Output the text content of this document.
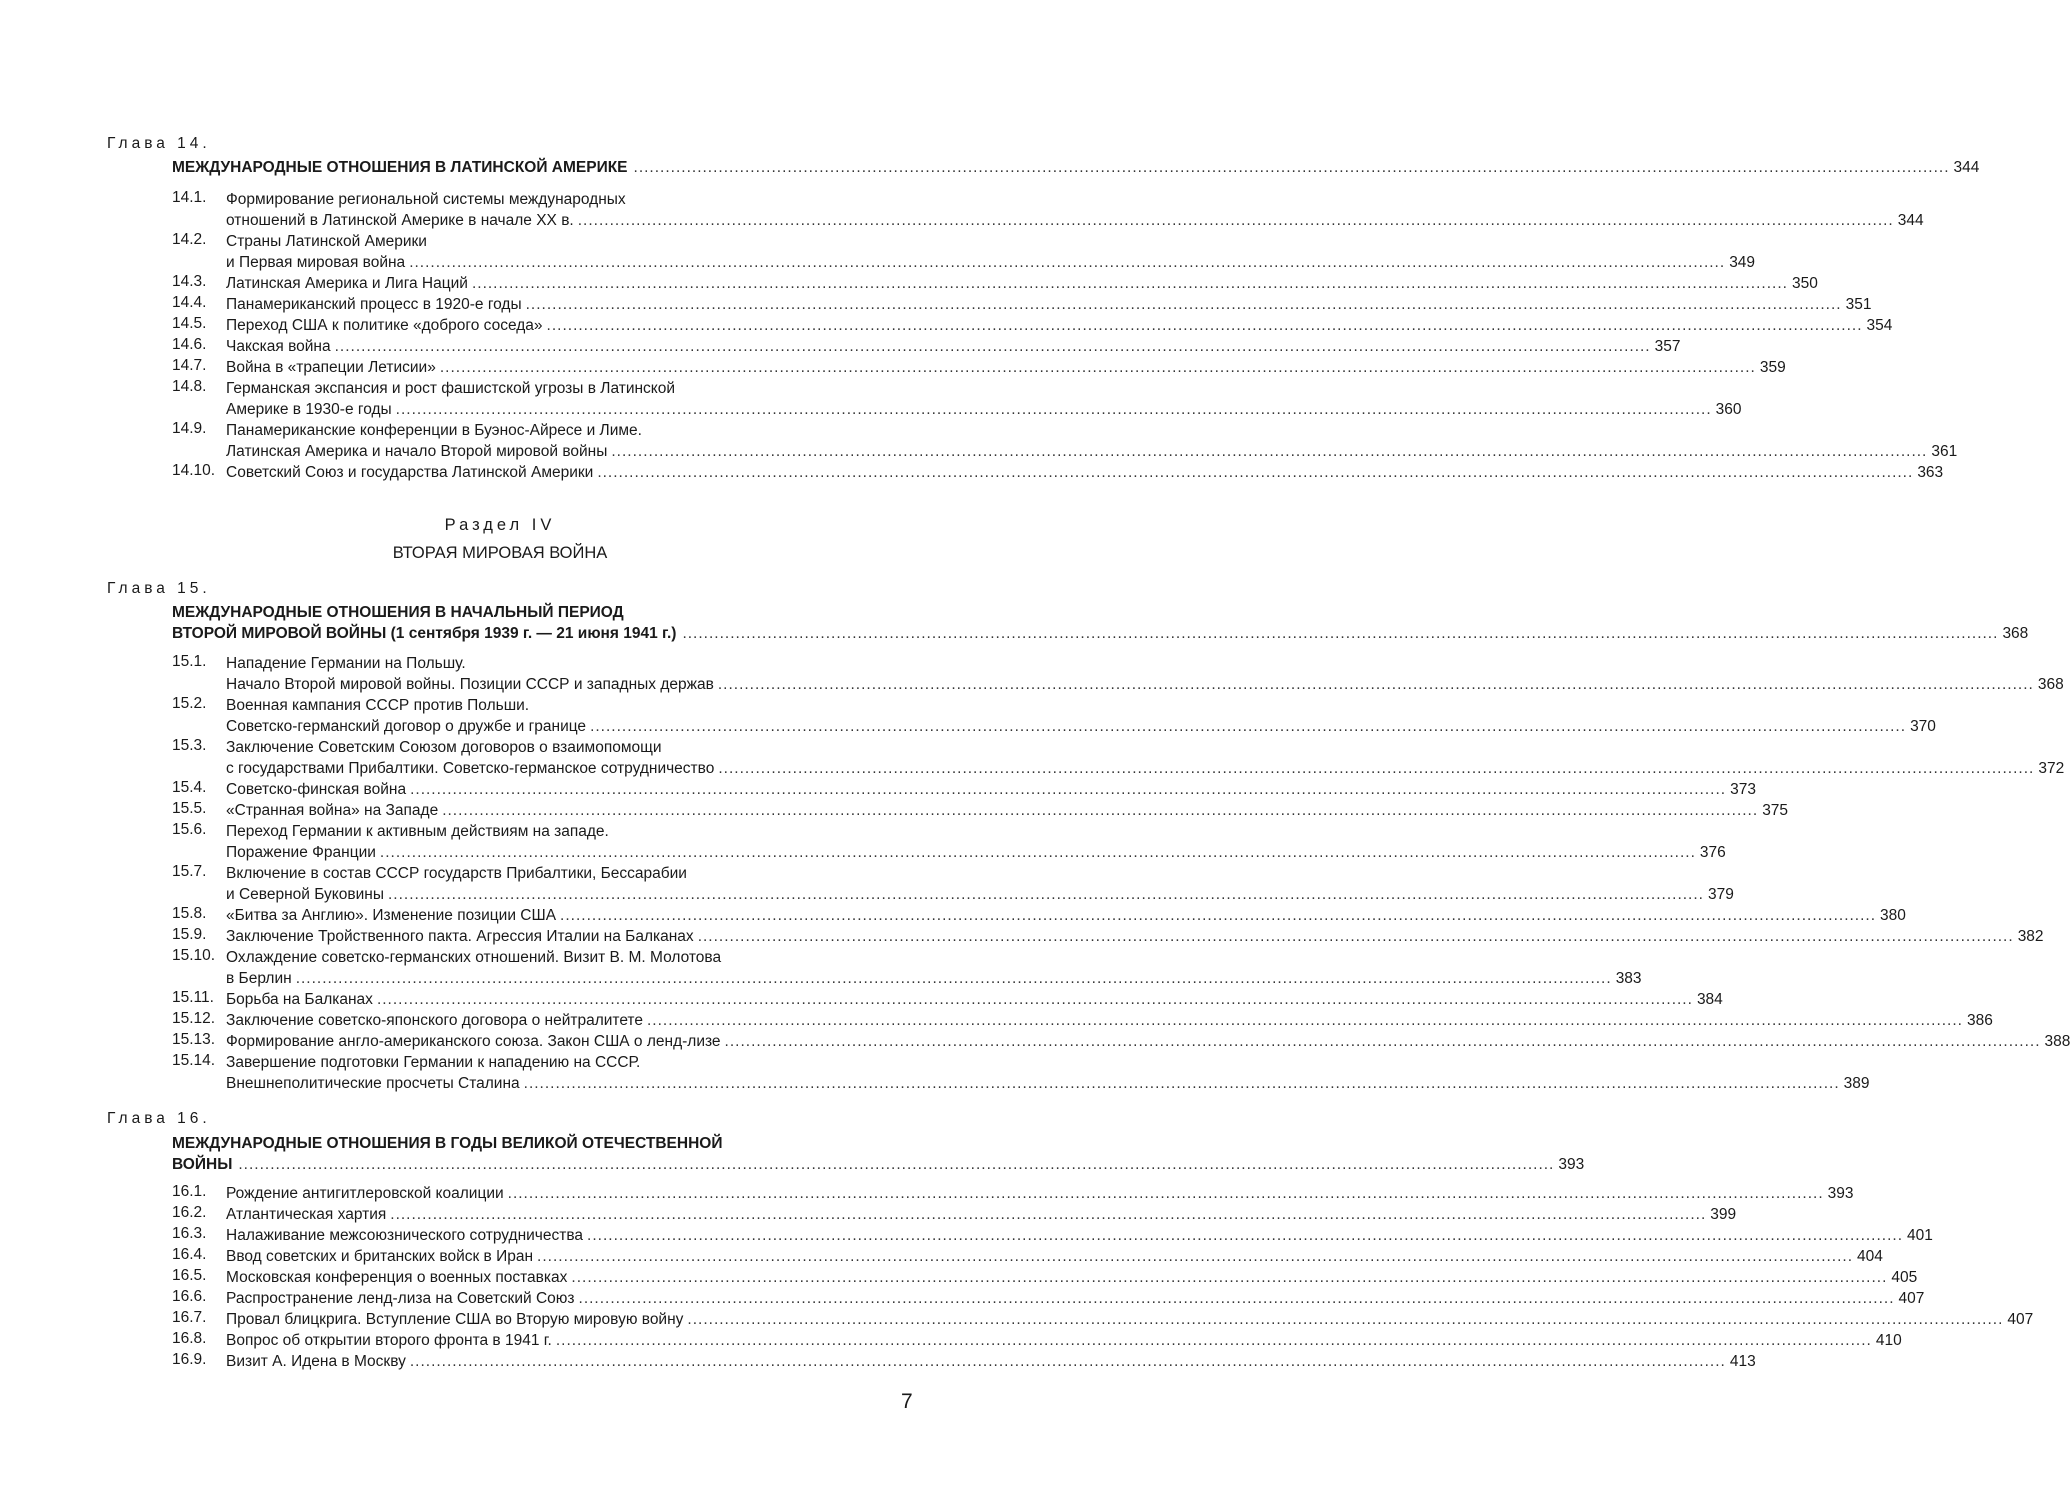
Глава 14.
МЕЖДУНАРОДНЫЕ ОТНОШЕНИЯ В ЛАТИНСКОЙ АМЕРИКЕ .....	344
14.1.	Формирование региональной системы международных
отношений в Латинской Америке в начале XX в. .....	344
14.2.	Страны Латинской Америки
и Первая мировая война .....	349
14.3.	Латинская Америка и Лига Наций .....	350
14.4.	Панамериканский процесс в 1920-е годы .....	351
14.5.	Переход США к политике «доброго соседа» .....	354
14.6.	Чакская война .....	357
14.7.	Война в «трапеции Летисии» .....	359
14.8.	Германская экспансия и рост фашистской угрозы в Латинской
Америке в 1930-е годы .....	360
14.9.	Панамериканские конференции в Буэнос-Айресе и Лиме.
Латинская Америка и начало Второй мировой войны .....	361
14.10. Советский Союз и государства Латинской Америки .....	363
Раздел IV
ВТОРАЯ МИРОВАЯ ВОЙНА
Глава 15.
МЕЖДУНАРОДНЫЕ ОТНОШЕНИЯ В НАЧАЛЬНЫЙ ПЕРИОД
ВТОРОЙ МИРОВОЙ ВОЙНЫ (1 сентября 1939 г. — 21 июня 1941 г.) .....	368
15.1.	Нападение Германии на Польшу.
Начало Второй мировой войны. Позиции СССР и западных держав .....	368
15.2.	Военная кампания СССР против Польши.
Советско-германский договор о дружбе и границе .....	370
15.3.	Заключение Советским Союзом договоров о взаимопомощи
с государствами Прибалтики. Советско-германское сотрудничество .....	372
15.4.	Советско-финская война .....	373
15.5.	«Странная война» на Западе .....	375
15.6.	Переход Германии к активным действиям на западе.
Поражение Франции .....	376
15.7.	Включение в состав СССР государств Прибалтики, Бессарабии
и Северной Буковины .....	379
15.8.	«Битва за Англию». Изменение позиции США .....	380
15.9.	Заключение Тройственного пакта. Агрессия Италии на Балканах .....	382
15.10. Охлаждение советско-германских отношений. Визит В. М. Молотова
в Берлин .....	383
15.11. Борьба на Балканах .....	384
15.12. Заключение советско-японского договора о нейтралитете .....	386
15.13. Формирование англо-американского союза. Закон США о ленд-лизе .....	388
15.14. Завершение подготовки Германии к нападению на СССР.
Внешнеполитические просчеты Сталина .....	389
Глава 16.
МЕЖДУНАРОДНЫЕ ОТНОШЕНИЯ В ГОДЫ ВЕЛИКОЙ ОТЕЧЕСТВЕННОЙ
ВОЙНЫ .....	393
16.1.	Рождение антигитлеровской коалиции .....	393
16.2.	Атлантическая хартия .....	399
16.3.	Налаживание межсоюзнического сотрудничества .....	401
16.4.	Ввод советских и британских войск в Иран .....	404
16.5.	Московская конференция о военных поставках .....	405
16.6.	Распространение ленд-лиза на Советский Союз .....	407
16.7.	Провал блицкрига. Вступление США во Вторую мировую войну .....	407
16.8.	Вопрос об открытии второго фронта в 1941 г. .....	410
16.9.	Визит А. Идена в Москву .....	413
7
